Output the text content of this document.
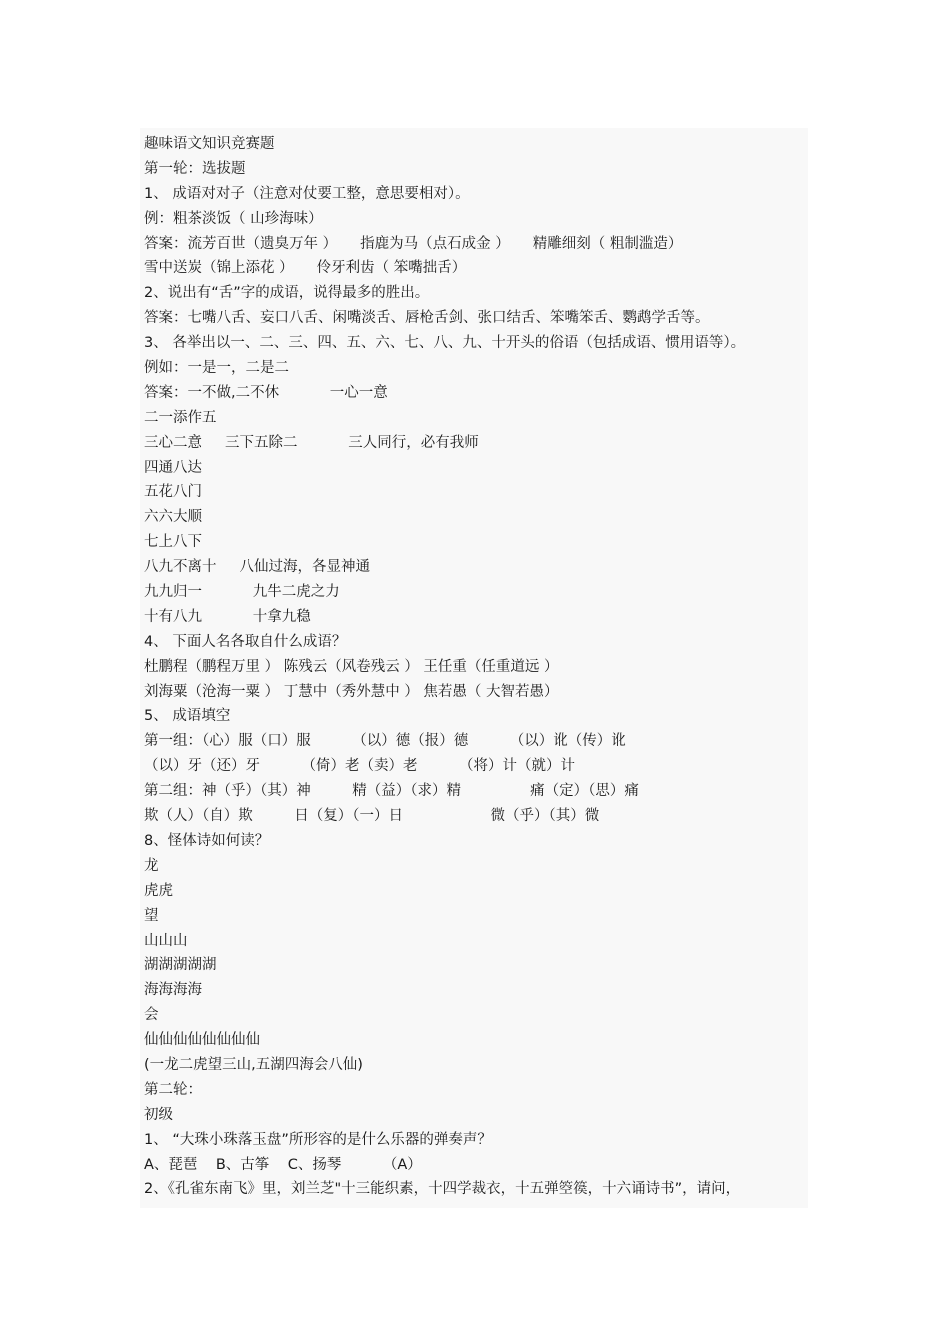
趣味语文知识竞赛题
第一轮：选拔题
1、 成语对对子（注意对仗要工整，意思要相对）。
例：粗茶淡饭（ 山珍海味）
答案：流芳百世（遗臭万年 ）     指鹿为马（点石成金 ）     精雕细刻（ 粗制滥造）
雪中送炭（锦上添花 ）     伶牙利齿（ 笨嘴拙舌）
2、说出有“舌”字的成语，说得最多的胜出。
答案：七嘴八舌、妄口八舌、闲嘴淡舌、唇枪舌剑、张口结舌、笨嘴笨舌、鹦鹉学舌等。
3、 各举出以一、二、三、四、五、六、七、八、九、十开头的俗语（包括成语、惯用语等）。
例如：一是一，二是二
答案：一不做,二不休           一心一意
二一添作五
三心二意     三下五除二           三人同行，必有我师
四通八达
五花八门
六六大顺
七上八下
八九不离十     八仙过海，各显神通
九九归一           九牛二虎之力
十有八九           十拿九稳
4、 下面人名各取自什么成语？
杜鹏程（鹏程万里 ） 陈残云（风卷残云 ） 王任重（任重道远 ）
刘海粟（沧海一粟 ） 丁慧中（秀外慧中 ） 焦若愚（ 大智若愚）
5、 成语填空
第一组：（心）服（口）服         （以）德（报）德         （以）讹（传）讹
（以）牙（还）牙         （倚）老（卖）老         （将）计（就）计
第二组：神（乎）（其）神         精（益）（求）精               痛（定）（思）痛
欺（人）（自）欺         日（复）（一）日                   微（乎）（其）微
8、怪体诗如何读？
龙
虎虎
望
山山山
湖湖湖湖湖
海海海海
会
仙仙仙仙仙仙仙仙
(一龙二虎望三山,五湖四海会八仙)
第二轮：
初级
1、 “大珠小珠落玉盘”所形容的是什么乐器的弹奏声？
A、琵琶    B、古筝    C、扬琴         （A）
2、《孔雀东南飞》里，刘兰芝"十三能织素，十四学裁衣，十五弹箜篌，十六诵诗书”，请问，
